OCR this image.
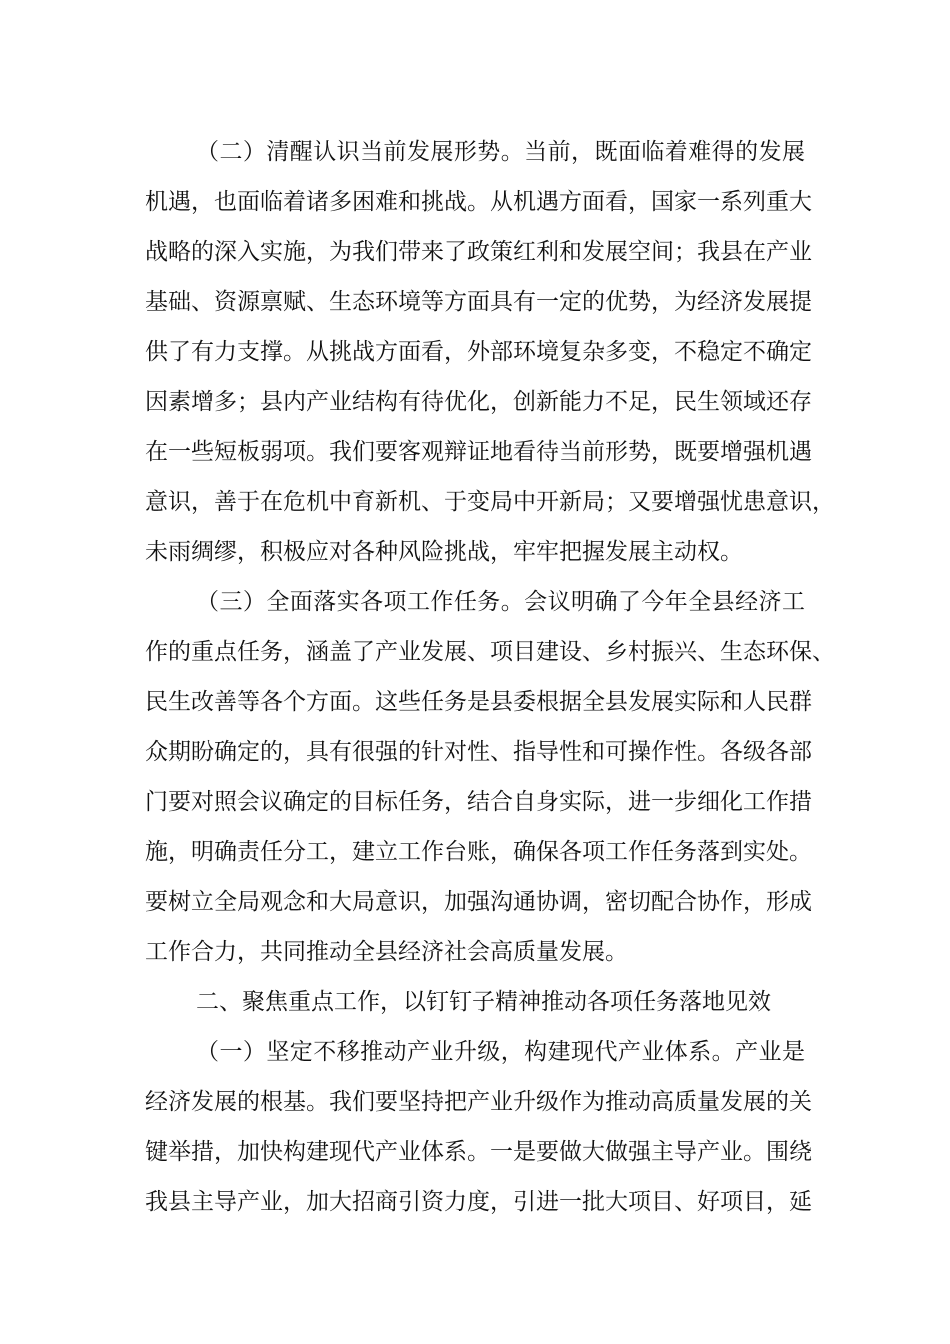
（二）清醒认识当前发展形势。当前，既面临着难得的发展
机遇，也面临着诸多困难和挑战。从机遇方面看，国家一系列重大
战略的深入实施，为我们带来了政策红利和发展空间；我县在产业
基础、资源禀赋、生态环境等方面具有一定的优势，为经济发展提
供了有力支撑。从挑战方面看，外部环境复杂多变，不稳定不确定
因素增多；县内产业结构有待优化，创新能力不足，民生领域还存
在一些短板弱项。我们要客观辩证地看待当前形势，既要增强机遇
意识，善于在危机中育新机、于变局中开新局；又要增强忧患意识，
未雨绸缪，积极应对各种风险挑战，牢牢把握发展主动权。
（三）全面落实各项工作任务。会议明确了今年全县经济工
作的重点任务，涵盖了产业发展、项目建设、乡村振兴、生态环保、
民生改善等各个方面。这些任务是县委根据全县发展实际和人民群
众期盼确定的，具有很强的针对性、指导性和可操作性。各级各部
门要对照会议确定的目标任务，结合自身实际，进一步细化工作措
施，明确责任分工，建立工作台账，确保各项工作任务落到实处。
要树立全局观念和大局意识，加强沟通协调，密切配合协作，形成
工作合力，共同推动全县经济社会高质量发展。
二、聚焦重点工作，以钉钉子精神推动各项任务落地见效
（一）坚定不移推动产业升级，构建现代产业体系。产业是
经济发展的根基。我们要坚持把产业升级作为推动高质量发展的关
键举措，加快构建现代产业体系。一是要做大做强主导产业。围绕
我县主导产业，加大招商引资力度，引进一批大项目、好项目，延
